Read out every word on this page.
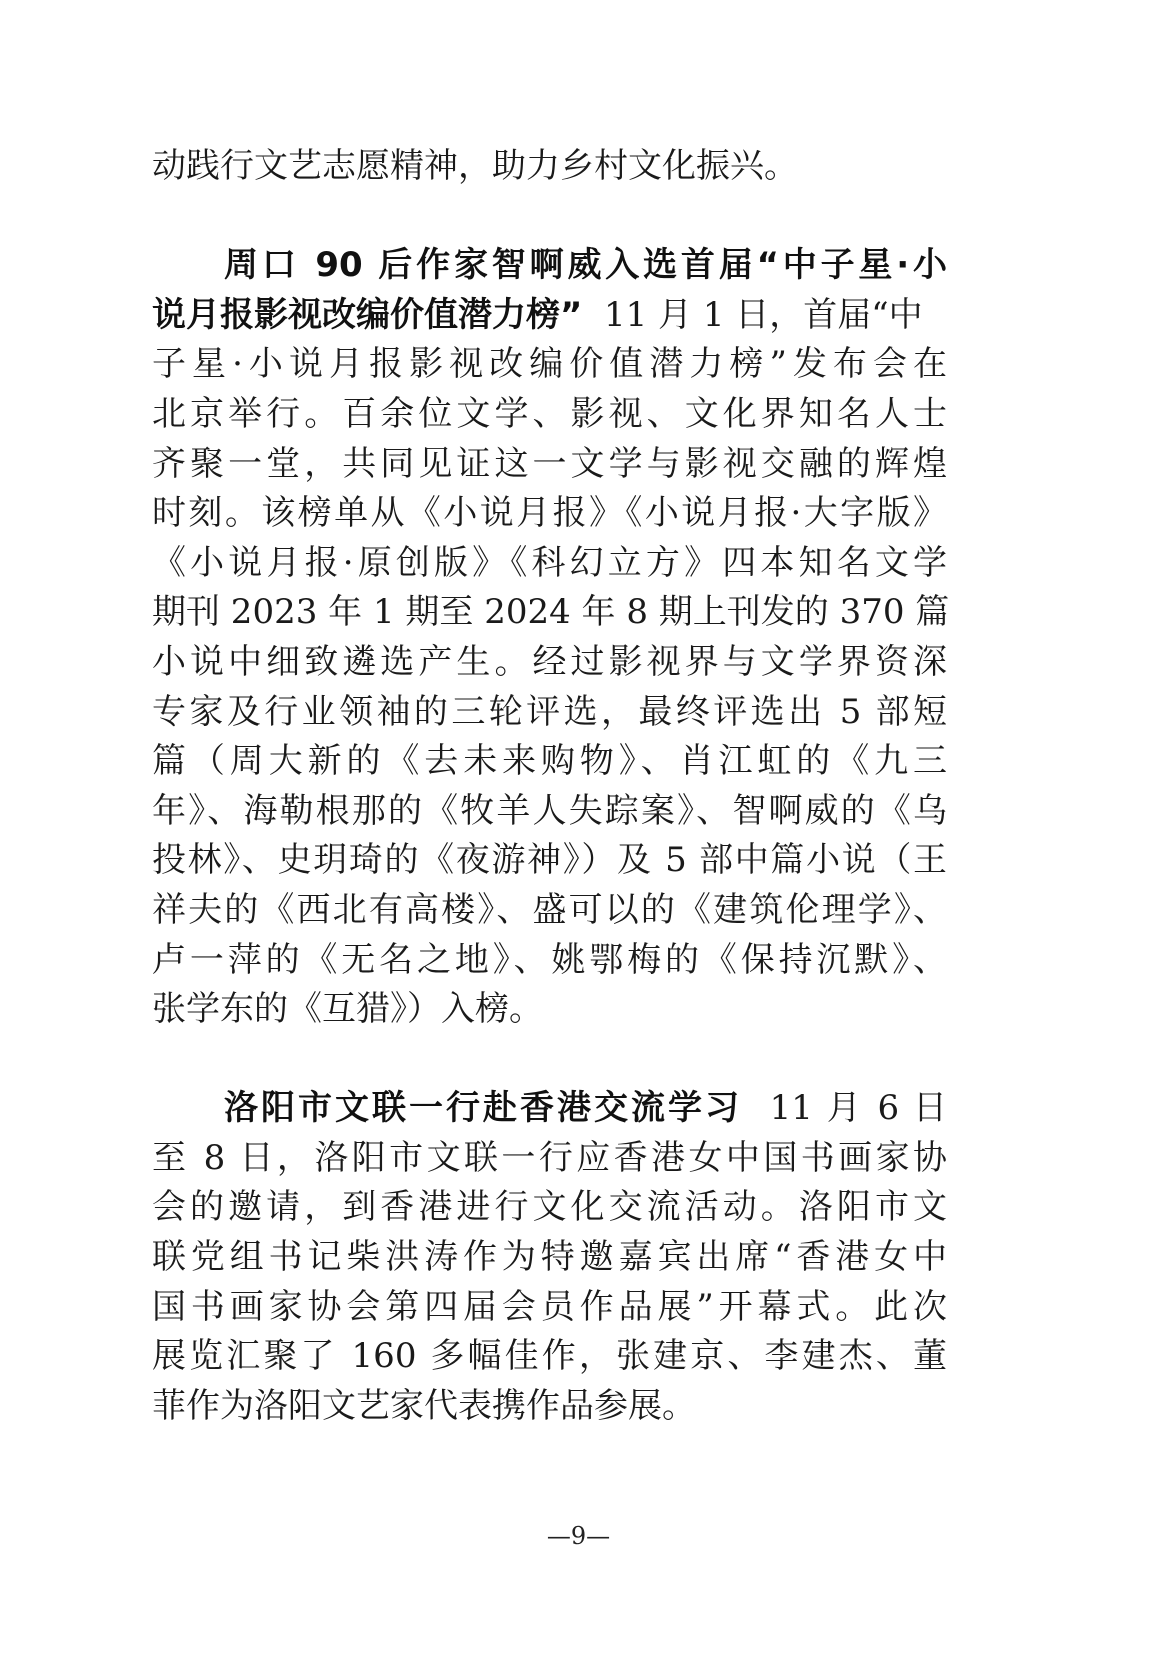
动践行文艺志愿精神，助力乡村文化振兴。
周口 90 后作家智啊威入选首届“中子星·小
说月报影视改编价值潜力榜”  11 月 1 日，首届“中
子星·小说月报影视改编价值潜力榜”发布会在
北京举行。百余位文学、影视、文化界知名人士
齐聚一堂，共同见证这一文学与影视交融的辉煌
时刻。该榜单从《小说月报》《小说月报·大字版》
《小说月报·原创版》《科幻立方》四本知名文学
期刊 2023 年 1 期至 2024 年 8 期上刊发的 370 篇
小说中细致遴选产生。经过影视界与文学界资深
专家及行业领袖的三轮评选，最终评选出 5 部短
篇（周大新的《去未来购物》、肖江虹的《九三
年》、海勒根那的《牧羊人失踪案》、智啊威的《乌
投林》、史玥琦的《夜游神》）及 5 部中篇小说（王
祥夫的《西北有高楼》、盛可以的《建筑伦理学》、
卢一萍的《无名之地》、姚鄂梅的《保持沉默》、
张学东的《互猎》）入榜。
洛阳市文联一行赴香港交流学习  11 月 6 日
至 8 日，洛阳市文联一行应香港女中国书画家协
会的邀请，到香港进行文化交流活动。洛阳市文
联党组书记柴洪涛作为特邀嘉宾出席“香港女中
国书画家协会第四届会员作品展”开幕式。此次
展览汇聚了 160 多幅佳作，张建京、李建杰、董
菲作为洛阳文艺家代表携作品参展。
—9—
